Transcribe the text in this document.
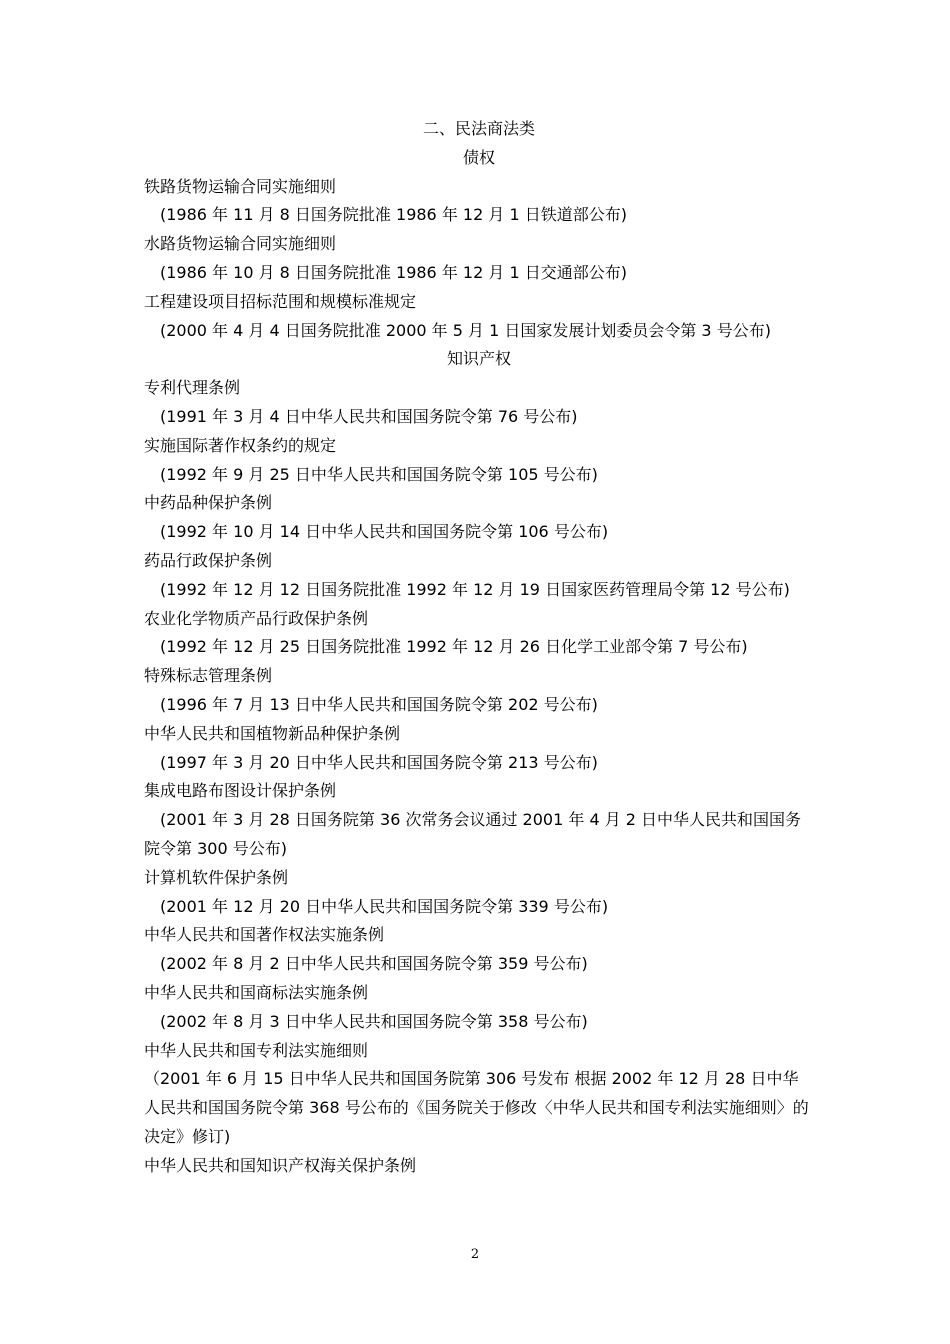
二、民法商法类
债权
铁路货物运输合同实施细则
(1986 年 11 月 8 日国务院批准 1986 年 12 月 1 日铁道部公布)
水路货物运输合同实施细则
(1986 年 10 月 8 日国务院批准 1986 年 12 月 1 日交通部公布)
工程建设项目招标范围和规模标准规定
(2000 年 4 月 4 日国务院批准 2000 年 5 月 1 日国家发展计划委员会令第 3 号公布)
知识产权
专利代理条例
(1991 年 3 月 4 日中华人民共和国国务院令第 76 号公布)
实施国际著作权条约的规定
(1992 年 9 月 25 日中华人民共和国国务院令第 105 号公布)
中药品种保护条例
(1992 年 10 月 14 日中华人民共和国国务院令第 106 号公布)
药品行政保护条例
(1992 年 12 月 12 日国务院批准 1992 年 12 月 19 日国家医药管理局令第 12 号公布)
农业化学物质产品行政保护条例
(1992 年 12 月 25 日国务院批准 1992 年 12 月 26 日化学工业部令第 7 号公布)
特殊标志管理条例
(1996 年 7 月 13 日中华人民共和国国务院令第 202 号公布)
中华人民共和国植物新品种保护条例
(1997 年 3 月 20 日中华人民共和国国务院令第 213 号公布)
集成电路布图设计保护条例
(2001 年 3 月 28 日国务院第 36 次常务会议通过 2001 年 4 月 2 日中华人民共和国国务院令第 300 号公布)
计算机软件保护条例
(2001 年 12 月 20 日中华人民共和国国务院令第 339 号公布)
中华人民共和国著作权法实施条例
(2002 年 8 月 2 日中华人民共和国国务院令第 359 号公布)
中华人民共和国商标法实施条例
(2002 年 8 月 3 日中华人民共和国国务院令第 358 号公布)
中华人民共和国专利法实施细则
（2001 年 6 月 15 日中华人民共和国国务院第 306 号发布 根据 2002 年 12 月 28 日中华人民共和国国务院令第 368 号公布的《国务院关于修改〈中华人民共和国专利法实施细则〉的决定》修订)
中华人民共和国知识产权海关保护条例
2
